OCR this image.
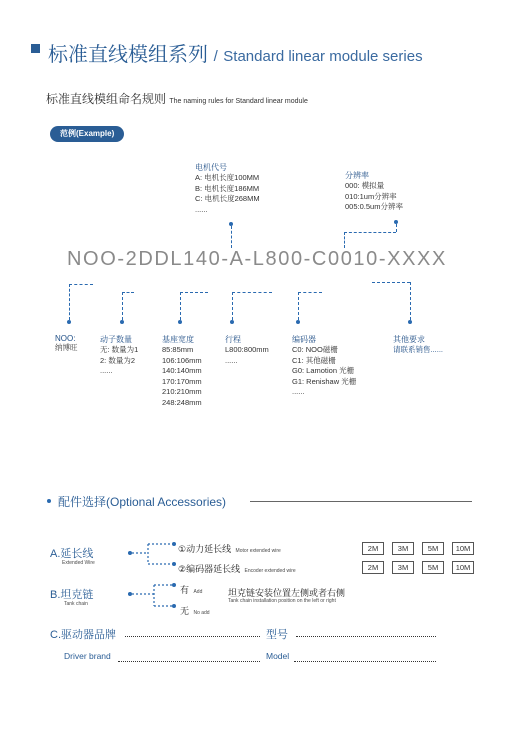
标准直线模组系列 / Standard linear module series
标准直线模组命名规则 The naming rules for Standard linear module
范例(Example)
电机代号
A: 电机长度100MM
B: 电机长度186MM
C: 电机长度268MM
......
分辨率
000: 模拟量
010:1um分辨率
005:0.5um分辨率
NOO-2DDL140-A-L800-C0010-XXXX
NOO:
纳博旺
动子数量
无: 数量为1
2: 数量为2
......
基座宽度
85:85mm
106:106mm
140:140mm
170:170mm
210:210mm
248:248mm
行程
L800:800mm
......
编码器
C0: NOO磁栅
C1: 其他磁栅
G0: Lamotion 光栅
G1: Renishaw 光栅
......
其他要求
请联系销售......
配件选择(Optional Accessories)
A.延长线
Extended Wire
①动力延长线 Motor extended wire
②编码器延长线 Encoder extended wire
2M	3M	5M	10M
2M	3M	5M	10M
B.坦克链
Tank chain
有 Add
无 No add
坦克链安装位置左侧或者右侧
Tank chain installation position on the left or right
C.驱动器品牌	型号
Driver brand	Model
